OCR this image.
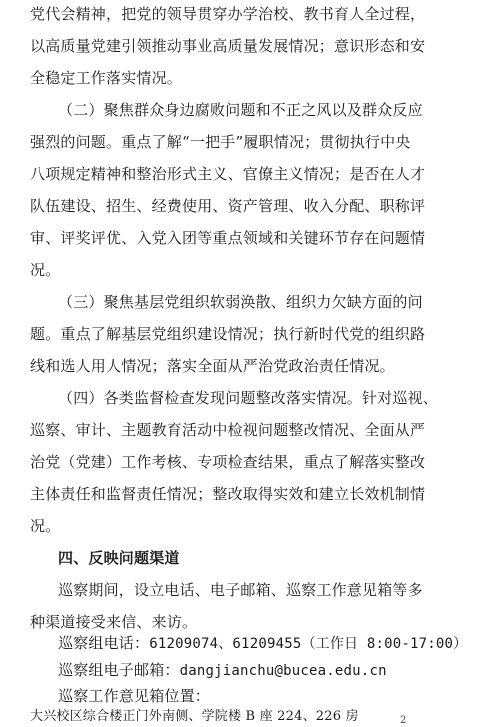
党代会精神，把党的领导贯穿办学治校、教书育人全过程，
以高质量党建引领推动事业高质量发展情况；意识形态和安
全稳定工作落实情况。
（二）聚焦群众身边腐败问题和不正之风以及群众反应
强烈的问题。重点了解“一把手”履职情况；贯彻执行中央
八项规定精神和整治形式主义、官僚主义情况；是否在人才
队伍建设、招生、经费使用、资产管理、收入分配、职称评
审、评奖评优、入党入团等重点领域和关键环节存在问题情
况。
（三）聚焦基层党组织软弱涣散、组织力欠缺方面的问
题。重点了解基层党组织建设情况；执行新时代党的组织路
线和选人用人情况；落实全面从严治党政治责任情况。
（四）各类监督检查发现问题整改落实情况。针对巡视、
巡察、审计、主题教育活动中检视问题整改情况、全面从严
治党（党建）工作考核、专项检查结果，重点了解落实整改
主体责任和监督责任情况；整改取得实效和建立长效机制情
况。
四、反映问题渠道
巡察期间，设立电话、电子邮箱、巡察工作意见箱等多
种渠道接受来信、来访。
巡察组电话：61209074、61209455（工作日 8:00-17:00）
巡察组电子邮箱：dangjianchu@bucea.edu.cn
2
巡察工作意见箱位置：
大兴校区综合楼正门外南侧、学院楼 B 座 224、226 房
